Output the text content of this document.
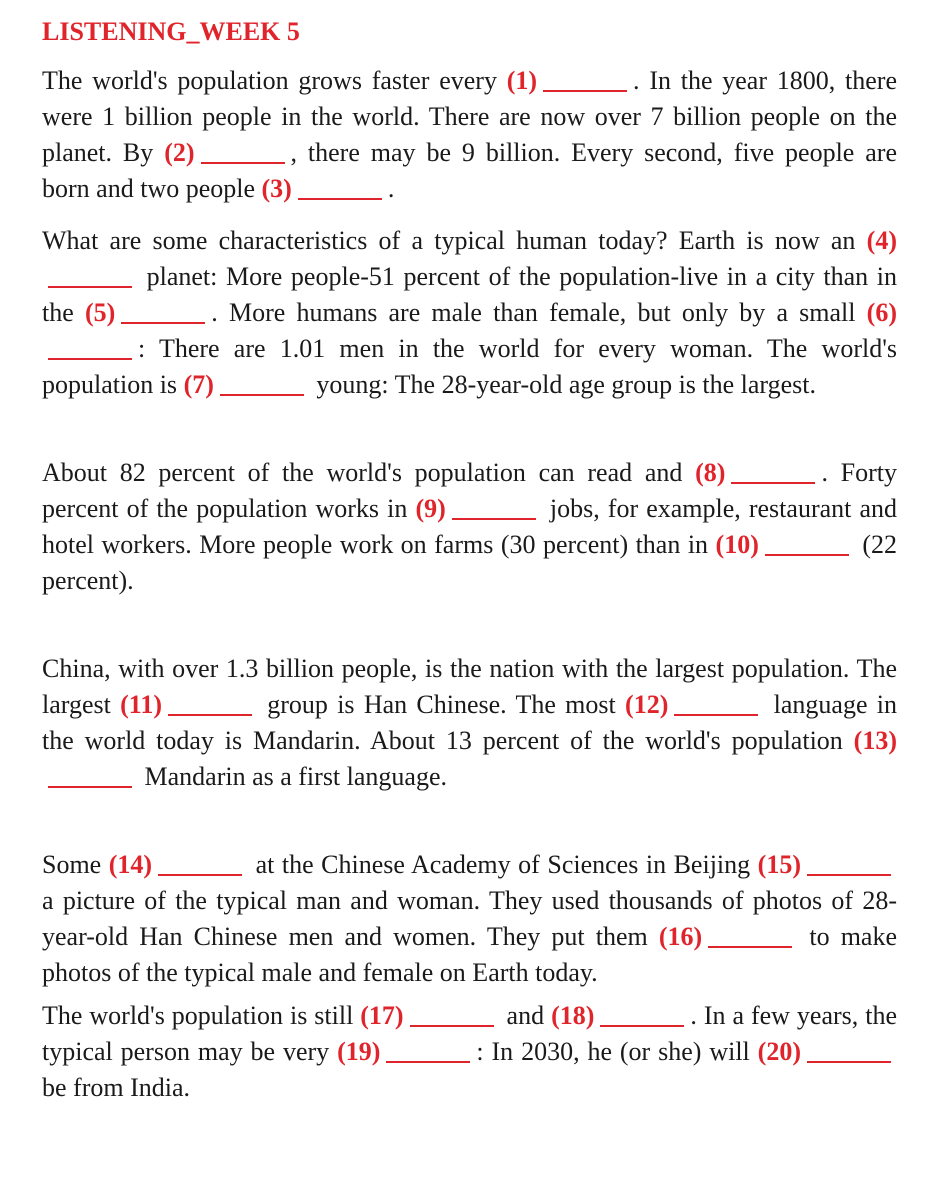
LISTENING_WEEK 5

The world's population grows faster every (1)	. In the year 1800, there were 1 billion people in the world. There are now over 7 billion people on the planet. By (2)	, there may be 9 billion. Every second, five people are born and two people (3)	.

What are some characteristics of a typical human today? Earth is now an (4) planet: More people-51 percent of the population-live in a city than in the (5)	. More humans are male than female, but only by a small (6): There are 1.01 men in the world for every woman. The world's population is (7)	young: The 28-year-old age group is the largest.

About 82 percent of the world's population can read and (8)	. Forty percent of the population works in (9)	jobs, for example, restaurant and hotel workers. More people work on farms (30 percent) than in (10)	(22 percent).

China, with over 1.3 billion people, is the nation with the largest population. The largest (11)	group is Han Chinese. The most (12)	language in the world today is Mandarin. About 13 percent of the world's population (13) Mandarin as a first language.

Some (14)	at the Chinese Academy of Sciences in Beijing (15) a picture of the typical man and woman. They used thousands of photos of 28-year-old Han Chinese men and women. They put them (16)	to make photos of the typical male and female on Earth today.

The world's population is still (17)	and (18)	. In a few years, the typical person may be very (19)	: In 2030, he (or she) will (20) be from India.
